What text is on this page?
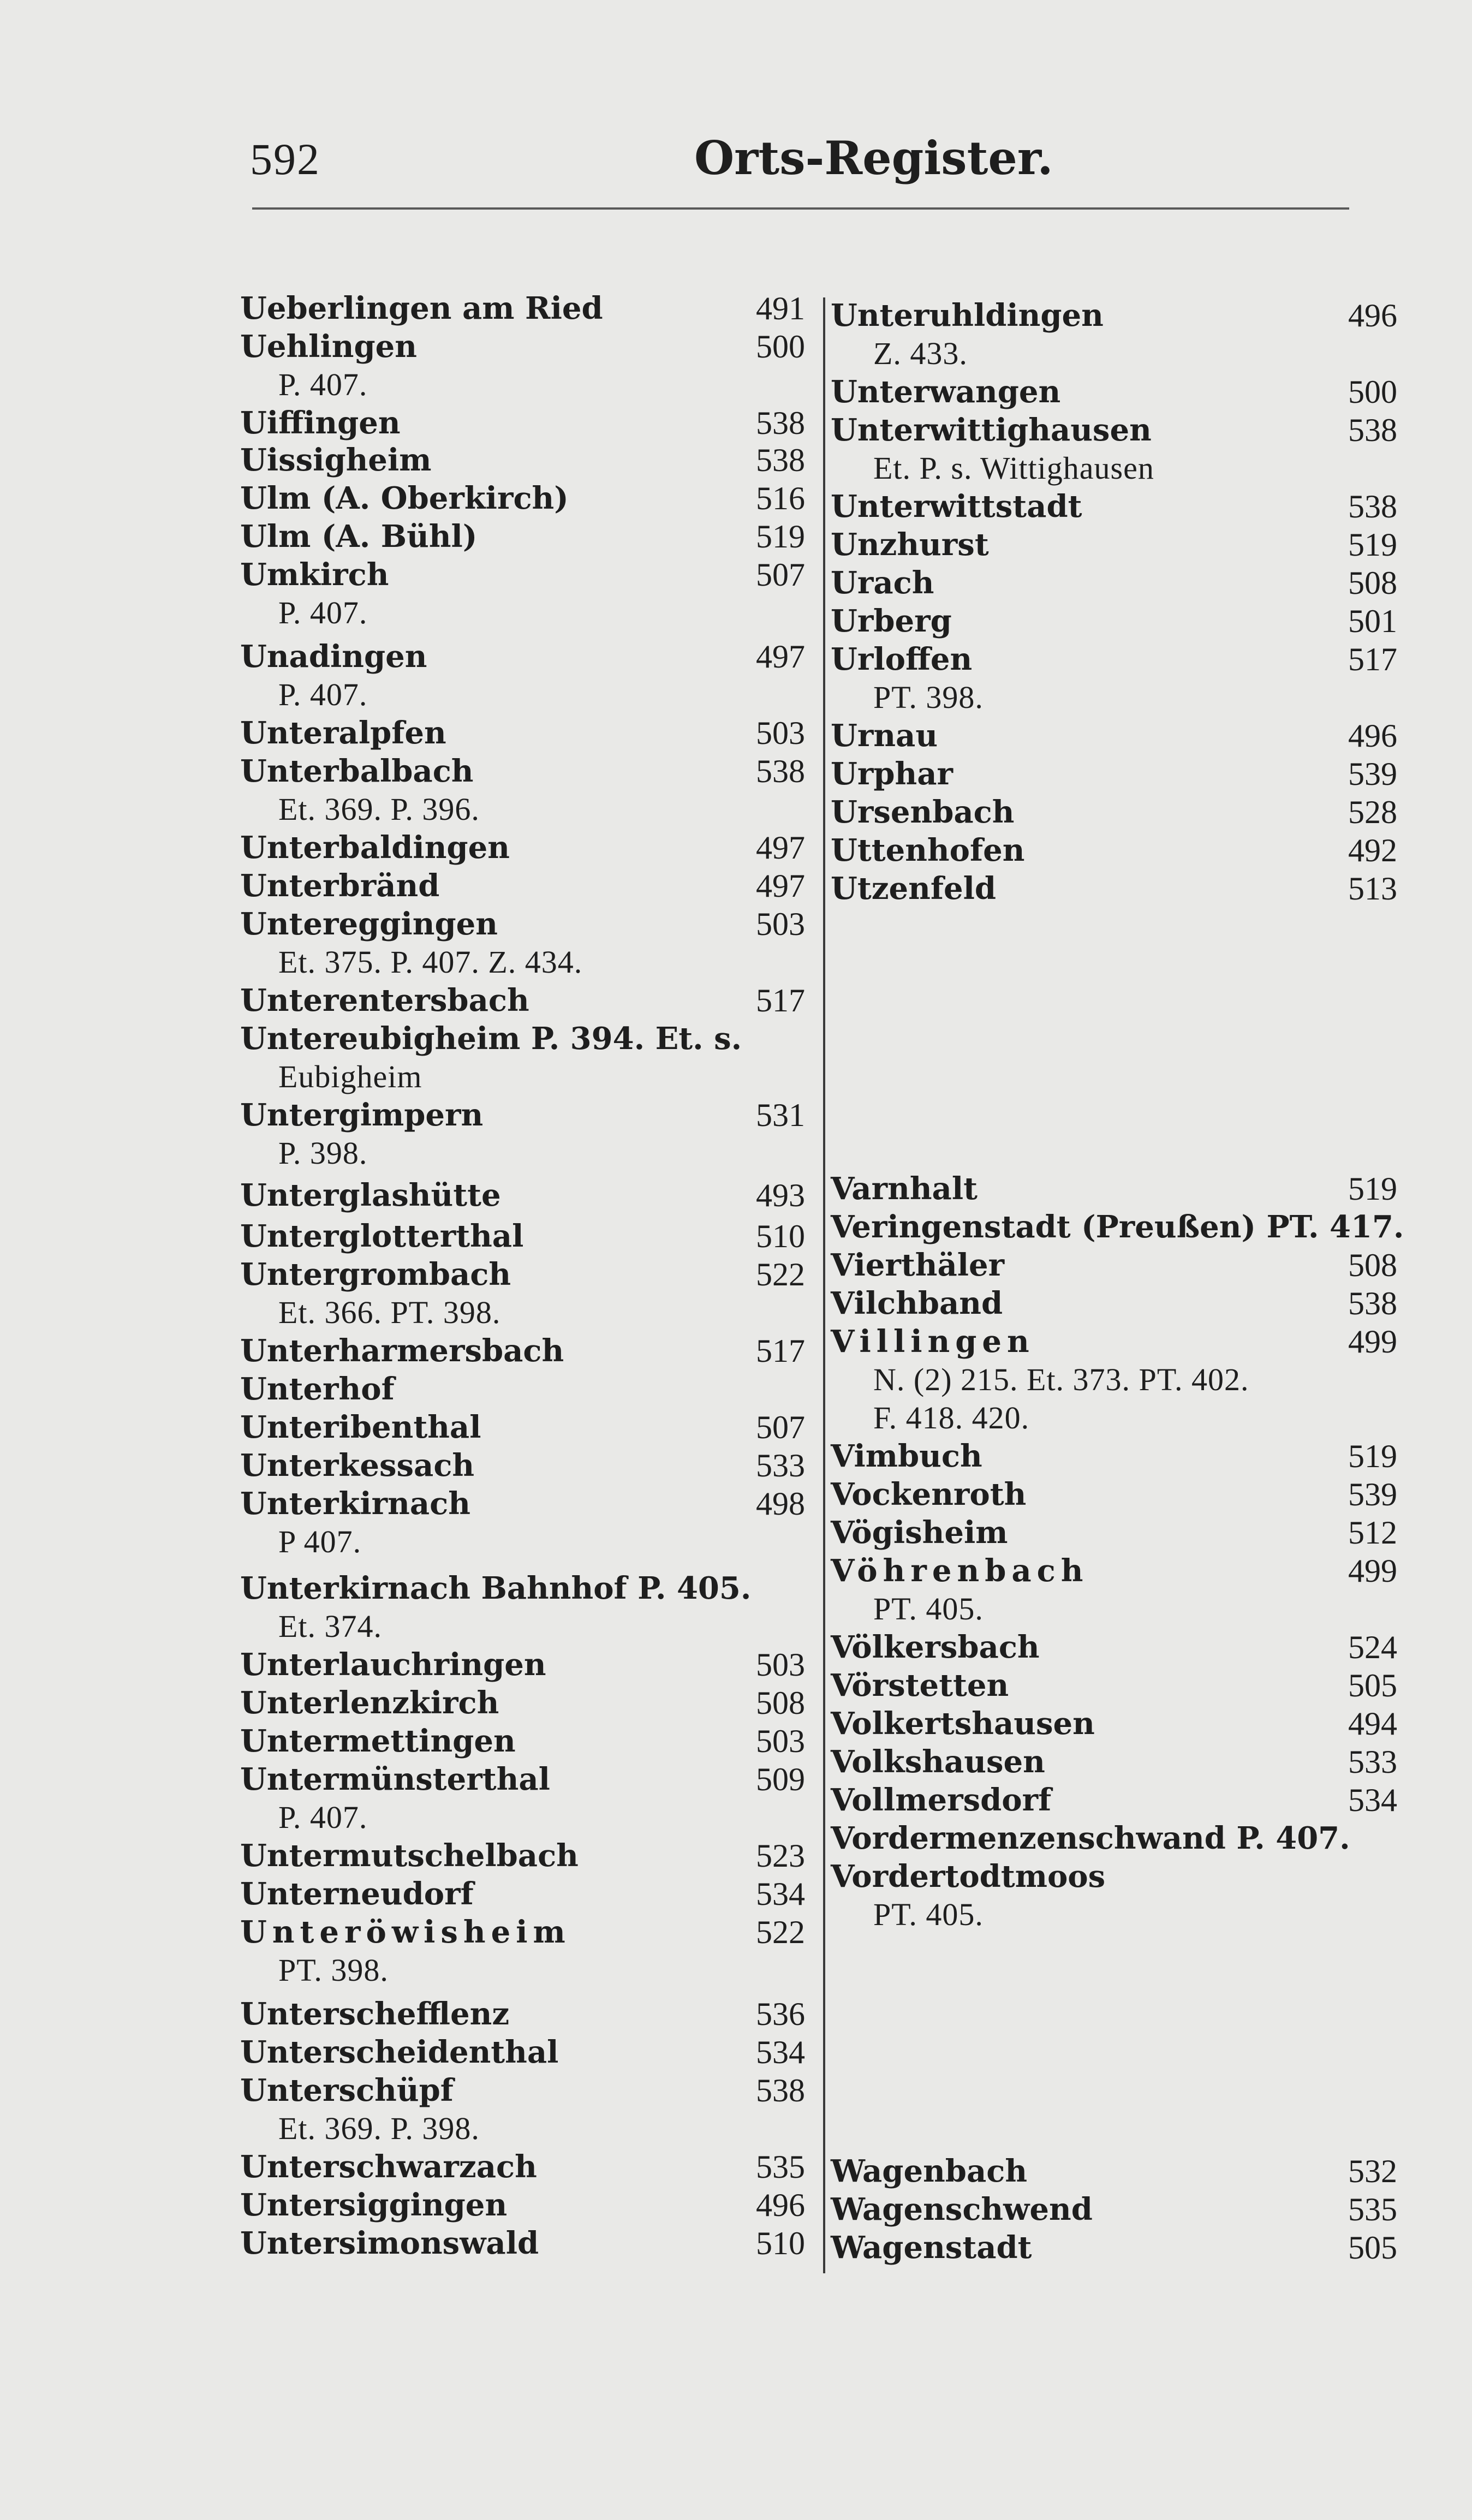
592	Orts-Register.
Ueberlingen am Ried	491
Uehlingen	500
P. 407.
Uiffingen	538
Uissigheim	538
Ulm (A. Oberkirch)	516
Ulm (A. Bühl)	519
Umkirch	507
P. 407.
Unadingen	497
P. 407.
Unteralpfen	503
Unterbalbach	538
Et. 369. P. 396.
Unterbaldingen	497
Unterbränd	497
Untereggingen	503
Et. 375. P. 407. Z. 434.
Unterentersbach	517
Untereubigheim P. 394. Et. s.
Eubigheim
Untergimpern	531
P. 398.
Unterglashütte	493
Unterglotterthal	510
Untergrombach	522
Et. 366. PT. 398.
Unterharmersbach	517
Unterhof
Unteribenthal	507
Unterkessach	533
Unterkirnach	498
P 407.
Unterkirnach Bahnhof P. 405.
Et. 374.
Unterlauchringen	503
Unterlenzkirch	508
Untermettingen	503
Untermünsterthal	509
P. 407.
Untermutschelbach	523
Unterneudorf	534
Unteröwisheim	522
PT. 398.
Unterschefflenz	536
Unterscheidenthal	534
Unterschüpf	538
Et. 369. P. 398.
Unterschwarzach	535
Untersiggingen	496
Untersimonswald	510
Unteruhldingen	496
Z. 433.
Unterwangen	500
Unterwittighausen	538
Et. P. s. Wittighausen
Unterwittstadt	538
Unzhurst	519
Urach	508
Urberg	501
Urloffen	517
PT. 398.
Urnau	496
Urphar	539
Ursenbach	528
Uttenhofen	492
Utzenfeld	513
Varnhalt	519
Veringenstadt (Preußen) PT. 417.
Vierthäler	508
Vilchband	538
Villingen	499
N. (2) 215. Et. 373. PT. 402.
F. 418. 420.
Vimbuch	519
Vockenroth	539
Vögisheim	512
Vöhrenbach	499
PT. 405.
Völkersbach	524
Vörstetten	505
Volkertshausen	494
Volkshausen	533
Vollmersdorf	534
Vordermenzenschwand P. 407.
Vordertodtmoos
PT. 405.
Wagenbach	532
Wagenschwend	535
Wagenstadt	505
